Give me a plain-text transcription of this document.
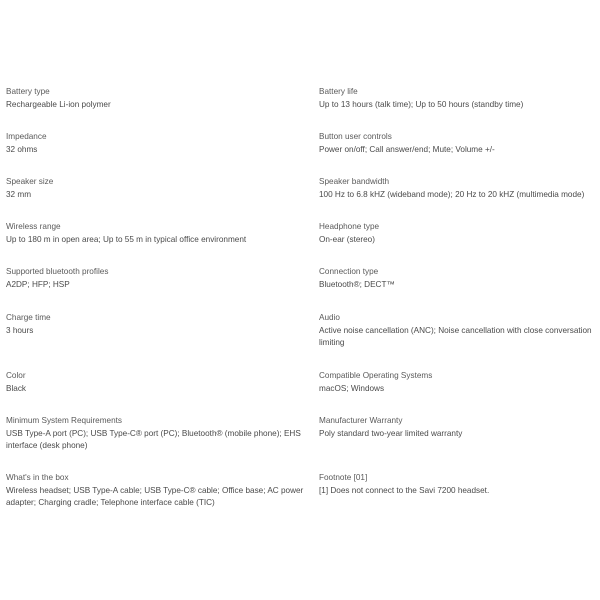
Battery type
Rechargeable Li-ion polymer
Battery life
Up to 13 hours (talk time); Up to 50 hours (standby time)
Impedance
32 ohms
Button user controls
Power on/off; Call answer/end; Mute; Volume +/-
Speaker size
32 mm
Speaker bandwidth
100 Hz to 6.8 kHZ (wideband mode); 20 Hz to 20 kHZ (multimedia mode)
Wireless range
Up to 180 m in open area; Up to 55 m in typical office environment
Headphone type
On-ear (stereo)
Supported bluetooth profiles
A2DP; HFP; HSP
Connection type
Bluetooth®; DECT™
Charge time
3 hours
Audio
Active noise cancellation (ANC); Noise cancellation with close conversation limiting
Color
Black
Compatible Operating Systems
macOS; Windows
Minimum System Requirements
USB Type-A port (PC); USB Type-C® port (PC); Bluetooth® (mobile phone); EHS interface (desk phone)
Manufacturer Warranty
Poly standard two-year limited warranty
What's in the box
Wireless headset; USB Type-A cable; USB Type-C® cable; Office base; AC power adapter; Charging cradle; Telephone interface cable (TIC)
Footnote [01]
[1] Does not connect to the Savi 7200 headset.
